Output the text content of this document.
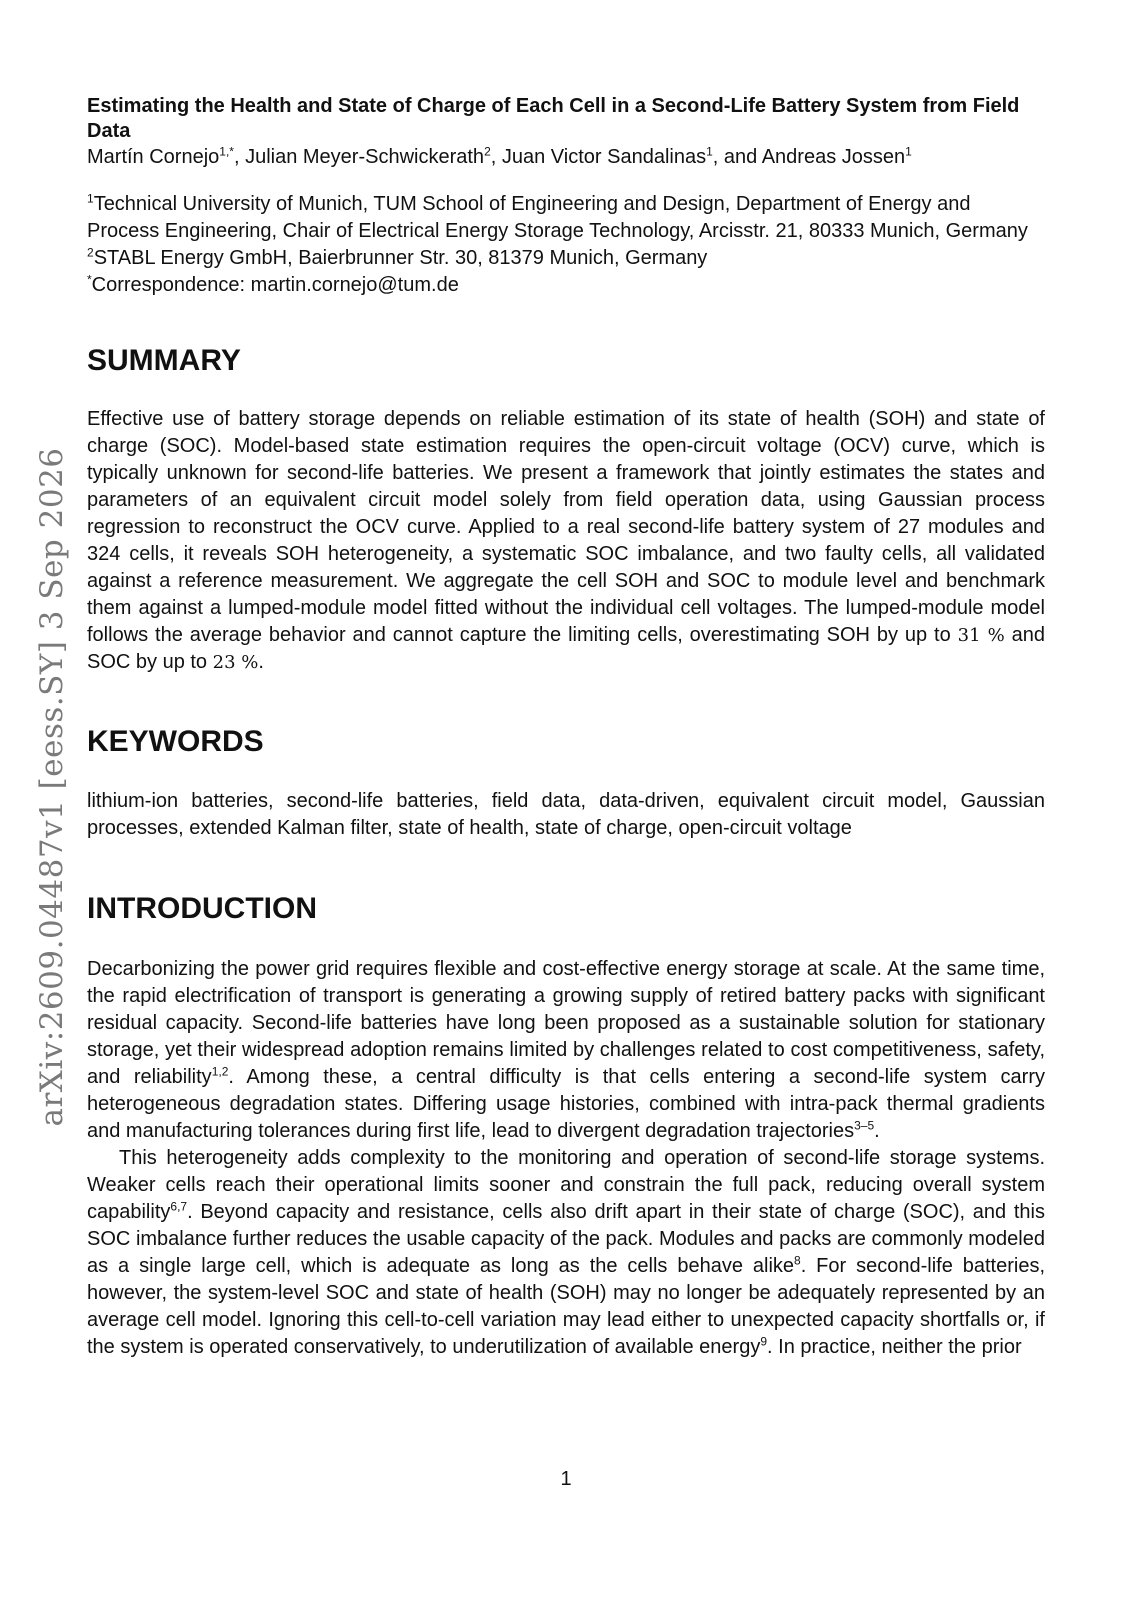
arXiv:2609.04487v1 [eess.SY] 3 Sep 2026

Estimating the Health and State of Charge of Each Cell in a Second-Life Battery System from Field Data

Martín Cornejo$^{1,*}$, Julian Meyer-Schwickerath$^2$, Juan Victor Sandalinas$^1$, and Andreas Jossen$^1$

$^1$Technical University of Munich, TUM School of Engineering and Design, Department of Energy and Process Engineering, Chair of Electrical Energy Storage Technology, Arcisstr. 21, 80333 Munich, Germany

$^2$STABL Energy GmbH, Baierbrunner Str. 30, 81379 Munich, Germany

*Correspondence: martin.cornejo@tum.de

SUMMARY

Effective use of battery storage depends on reliable estimation of its state of health (SOH) and state of charge (SOC). Model-based state estimation requires the open-circuit voltage (OCV) curve, which is typically unknown for second-life batteries. We present a framework that jointly estimates the states and parameters of an equivalent circuit model solely from field operation data, using Gaussian process regression to reconstruct the OCV curve. Applied to a real second-life battery system of 27 modules and 324 cells, it reveals SOH heterogeneity, a systematic SOC imbalance, and two faulty cells, all validated against a reference measurement. We aggregate the cell SOH and SOC to module level and benchmark them against a lumped-module model fitted without the individual cell voltages. The lumped-module model follows the average behavior and cannot capture the limiting cells, overestimating SOH by up to 31 % and SOC by up to 23 %.

KEYWORDS

lithium-ion batteries, second-life batteries, field data, data-driven, equivalent circuit model, Gaussian processes, extended Kalman filter, state of health, state of charge, open-circuit voltage

INTRODUCTION

Decarbonizing the power grid requires flexible and cost-effective energy storage at scale. At the same time, the rapid electrification of transport is generating a growing supply of retired battery packs with significant residual capacity. Second-life batteries have long been proposed as a sustainable solution for stationary storage, yet their widespread adoption remains limited by challenges related to cost competitiveness, safety, and reliability$^{1,2}$. Among these, a central difficulty is that cells entering a second-life system carry heterogeneous degradation states. Differing usage histories, combined with intra-pack thermal gradients and manufacturing tolerances during first life, lead to divergent degradation trajectories$^{3-5}$.

This heterogeneity adds complexity to the monitoring and operation of second-life storage systems. Weaker cells reach their operational limits sooner and constrain the full pack, reducing overall system capability$^{6,7}$. Beyond capacity and resistance, cells also drift apart in their state of charge (SOC), and this SOC imbalance further reduces the usable capacity of the pack. Modules and packs are commonly modeled as a single large cell, which is adequate as long as the cells behave alike$^8$. For second-life batteries, however, the system-level SOC and state of health (SOH) may no longer be adequately represented by an average cell model. Ignoring this cell-to-cell variation may lead either to unexpected capacity shortfalls or, if the system is operated conservatively, to underutilization of available energy$^9$. In practice, neither the prior

1
